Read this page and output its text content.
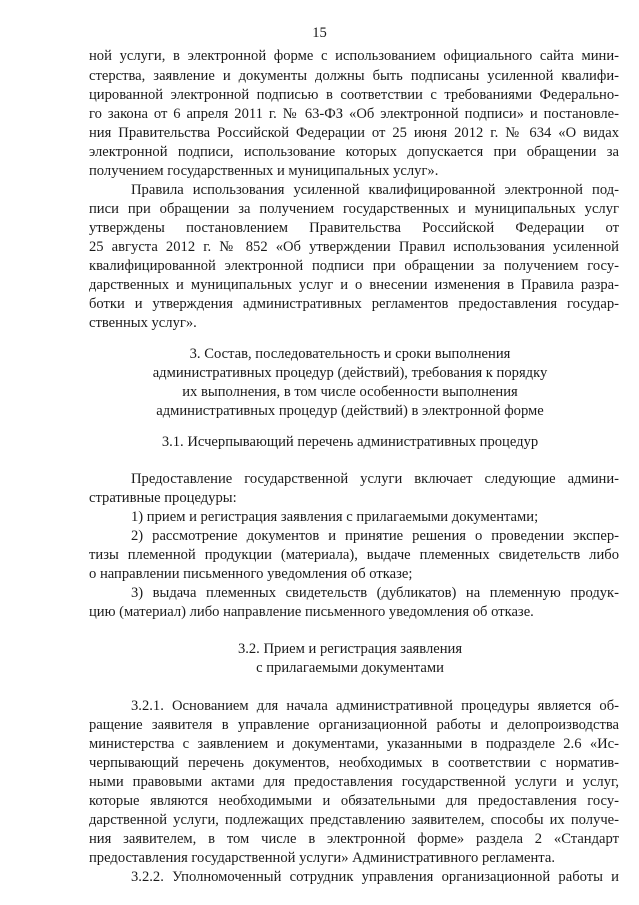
15
ной услуги, в электронной форме с использованием официального сайта мини-
стерства, заявление и документы должны быть подписаны усиленной квалифи-
цированной электронной подписью в соответствии с требованиями Федерально-
го закона от 6 апреля 2011 г. № 63-ФЗ «Об электронной подписи» и постановле-
ния Правительства Российской Федерации от 25 июня 2012 г. № 634 «О видах
электронной подписи, использование которых допускается при обращении за
получением государственных и муниципальных услуг».
Правила использования усиленной квалифицированной электронной под-
писи при обращении за получением государственных и муниципальных услуг
утверждены постановлением Правительства Российской Федерации от
25 августа 2012 г. № 852 «Об утверждении Правил использования усиленной
квалифицированной электронной подписи при обращении за получением госу-
дарственных и муниципальных услуг и о внесении изменения в Правила разра-
ботки и утверждения административных регламентов предоставления государ-
ственных услуг».
3. Состав, последовательность и сроки выполнения
административных процедур (действий), требования к порядку
их выполнения, в том числе особенности выполнения
административных процедур (действий) в электронной форме
3.1. Исчерпывающий перечень административных процедур
Предоставление государственной услуги включает следующие админи-
стративные процедуры:
1) прием и регистрация заявления с прилагаемыми документами;
2) рассмотрение документов и принятие решения о проведении экспер-
тизы племенной продукции (материала), выдаче племенных свидетельств либо
о направлении письменного уведомления об отказе;
3) выдача племенных свидетельств (дубликатов) на племенную продук-
цию (материал) либо направление письменного уведомления об отказе.
3.2. Прием и регистрация заявления
с прилагаемыми документами
3.2.1. Основанием для начала административной процедуры является об-
ращение заявителя в управление организационной работы и делопроизводства
министерства с заявлением и документами, указанными в подразделе 2.6 «Ис-
черпывающий перечень документов, необходимых в соответствии с норматив-
ными правовыми актами для предоставления государственной услуги и услуг,
которые являются необходимыми и обязательными для предоставления госу-
дарственной услуги, подлежащих представлению заявителем, способы их получе-
ния заявителем, в том числе в электронной форме» раздела 2 «Стандарт
предоставления государственной услуги» Административного регламента.
3.2.2. Уполномоченный сотрудник управления организационной работы и
